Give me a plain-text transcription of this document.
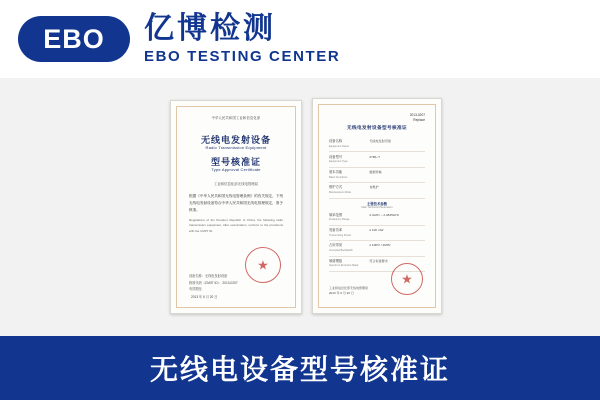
EBO 亿博检测
EBO TESTING CENTER
中华人民共和国工业和信息化部
无线电发射设备
Radio Transmission Equipment
型号核准证
Type Approval Certificate
工业和信息化部无线电管理局
根据《中华人民共和国无线电管理条例》的有关规定，下列无线电发射设备符合中华人民共和国无线电管理规定，准予核准。
Regulations of the People's Republic of China, the following radio transmission equipment, after examination, conform to the provisions with the CMIIT ID.
设备名称：无线电发射设备
核准代码（CMIIT ID）：2013-0207
有效期至
2013 年 6 月 20 日
★
2013-0207
Replace
无线电发射设备型号核准证
设备名称
Equipment Name
无线电发射设备
设备型号
Equipment Type
27ML-T
基本功能
Basic Functions
数据传输
维护方式
Maintenance Mode
自维护
主要技术参数
Main Technical Parameters
频率范围
Frequency Range
2.4GHz ~ 2.4835GHz
发射功率
Transmitting Power
≤ 100 mW
占用带宽
Occupied Bandwidth
≤ 1MHz / 2MHz
频谱模板
Spectrum Emission Mask
符合标准要求
工业和信息化部无线电管理局
2013 年 6 月 20 日
★
无线电设备型号核准证
